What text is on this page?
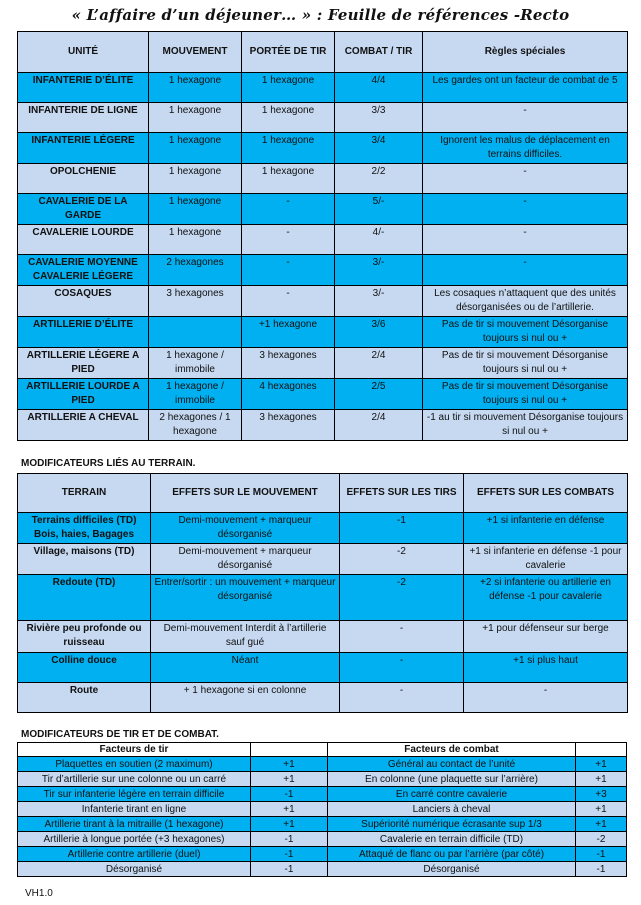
« L’affaire d’un déjeuner… » : Feuille de références -Recto
UNITÉ	MOUVEMENT	PORTÉE DE TIR	COMBAT / TIR	Règles spéciales
INFANTERIE D’ÉLITE	1 hexagone	1 hexagone	4/4	Les gardes ont un facteur de combat de 5
INFANTERIE DE LIGNE	1 hexagone	1 hexagone	3/3	-
INFANTERIE LÉGERE	1 hexagone	1 hexagone	3/4	Ignorent les malus de déplacement en terrains difficiles.
OPOLCHENIE	1 hexagone	1 hexagone	2/2	-
CAVALERIE DE LA GARDE	1 hexagone	-	5/-	-
CAVALERIE LOURDE	1 hexagone	-	4/-	-
CAVALERIE MOYENNE CAVALERIE LÉGERE	2 hexagones	-	3/-	-
COSAQUES	3 hexagones	-	3/-	Les cosaques n’attaquent que des unités désorganisées ou de l’artillerie.
ARTILLERIE D’ÉLITE		+1 hexagone	3/6	Pas de tir si mouvement Désorganise toujours si nul ou +
ARTILLERIE LÉGERE A PIED	1 hexagone / immobile	3 hexagones	2/4	Pas de tir si mouvement Désorganise toujours si nul ou +
ARTILLERIE LOURDE A PIED	1 hexagone / immobile	4 hexagones	2/5	Pas de tir si mouvement Désorganise toujours si nul ou +
ARTILLERIE A CHEVAL	2 hexagones / 1 hexagone	3 hexagones	2/4	-1 au tir si mouvement Désorganise toujours si nul ou +
MODIFICATEURS LIÉS AU TERRAIN.
TERRAIN	EFFETS SUR LE MOUVEMENT	EFFETS SUR LES TIRS	EFFETS SUR LES COMBATS
Terrains difficiles (TD) Bois, haies, Bagages	Demi-mouvement + marqueur désorganisé	-1	+1 si infanterie en défense
Village, maisons (TD)	Demi-mouvement + marqueur désorganisé	-2	+1 si infanterie en défense -1 pour cavalerie
Redoute (TD)	Entrer/sortir : un mouvement + marqueur désorganisé	-2	+2 si infanterie ou artillerie en défense -1 pour cavalerie
Rivière peu profonde ou ruisseau	Demi-mouvement Interdit à l’artillerie sauf gué	-	+1 pour défenseur sur berge
Colline douce	Néant	-	+1 si plus haut
Route	+ 1 hexagone si en colonne	-	-
MODIFICATEURS DE TIR ET DE COMBAT.
Facteurs de tir		Facteurs de combat	
Plaquettes en soutien (2 maximum)	+1	Général au contact de l’unité	+1
Tir d’artillerie sur une colonne ou un carré	+1	En colonne (une plaquette sur l’arrière)	+1
Tir sur infanterie légère en terrain difficile	-1	En carré contre cavalerie	+3
Infanterie tirant en ligne	+1	Lanciers à cheval	+1
Artillerie tirant à la mitraille (1 hexagone)	+1	Supériorité numérique écrasante sup 1/3	+1
Artillerie à longue portée (+3 hexagones)	-1	Cavalerie en terrain difficile (TD)	-2
Artillerie contre artillerie (duel)	-1	Attaqué de flanc ou par l’arrière (par côté)	-1
Désorganisé	-1	Désorganisé	-1
VH1.0
